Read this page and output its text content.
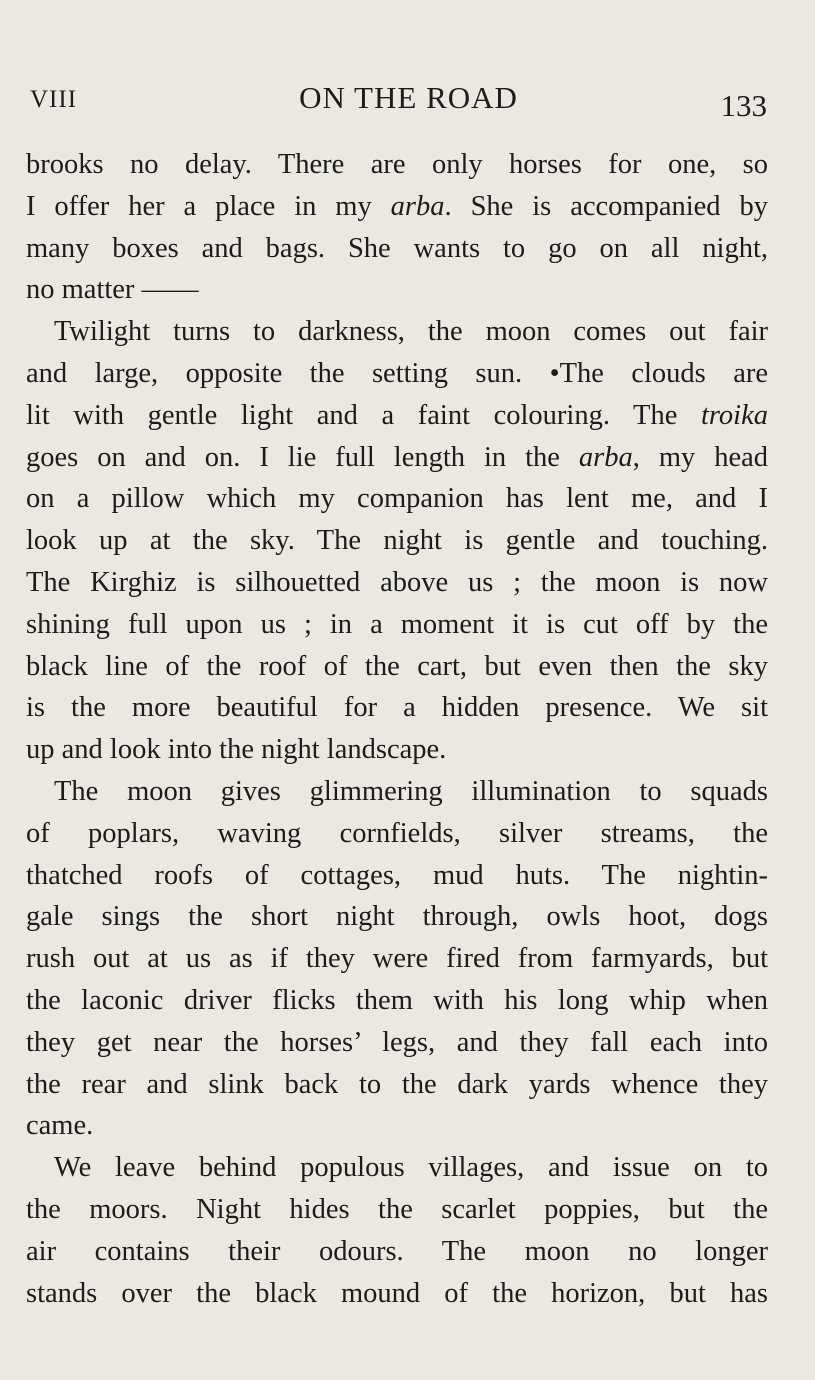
VIII	ON THE ROAD	133
brooks no delay. There are only horses for one, so
I offer her a place in my arba. She is accompanied by
many boxes and bags. She wants to go on all night,
no matter ——
Twilight turns to darkness, the moon comes out fair
and large, opposite the setting sun. •The clouds are
lit with gentle light and a faint colouring. The troika
goes on and on. I lie full length in the arba, my head
on a pillow which my companion has lent me, and I
look up at the sky. The night is gentle and touching.
The Kirghiz is silhouetted above us ; the moon is now
shining full upon us ; in a moment it is cut off by the
black line of the roof of the cart, but even then the sky
is the more beautiful for a hidden presence. We sit
up and look into the night landscape.
The moon gives glimmering illumination to squads
of poplars, waving cornfields, silver streams, the
thatched roofs of cottages, mud huts. The nightin-
gale sings the short night through, owls hoot, dogs
rush out at us as if they were fired from farmyards, but
the laconic driver flicks them with his long whip when
they get near the horses’ legs, and they fall each into
the rear and slink back to the dark yards whence they
came.
We leave behind populous villages, and issue on to
the moors. Night hides the scarlet poppies, but the
air contains their odours. The moon no longer
stands over the black mound of the horizon, but has
